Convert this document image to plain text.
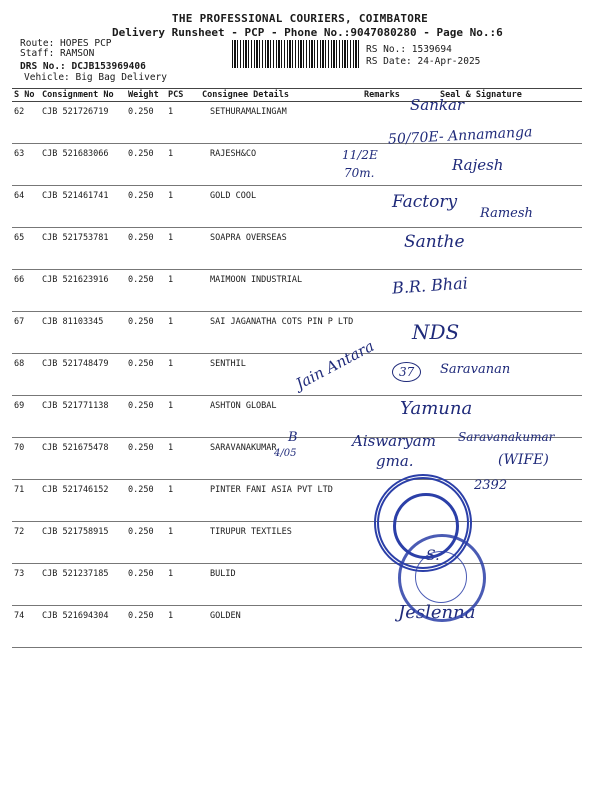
THE PROFESSIONAL COURIERS, COIMBATORE
Delivery Runsheet - PCP - Phone No.:9047080280 - Page No.:6
Route: HOPES PCP
Staff: RAMSON
DRS No.: DCJB153969406
Vehicle: Big Bag Delivery
RS No.: 1539694
RS Date: 24-Apr-2025
S No	Consignment No	Weight	PCS	Consignee Details	Remarks	Seal & Signature
62	CJB 521726719	0.250	1	SETHURAMALINGAM		
63	CJB 521683066	0.250	1	RAJESH&CO		
64	CJB 521461741	0.250	1	GOLD COOL		
65	CJB 521753781	0.250	1	SOAPRA OVERSEAS		
66	CJB 521623916	0.250	1	MAIMOON INDUSTRIAL		
67	CJB 81103345	0.250	1	SAI JAGANATHA COTS PIN P LTD		
68	CJB 521748479	0.250	1	SENTHIL		
69	CJB 521771138	0.250	1	ASHTON GLOBAL		
70	CJB 521675478	0.250	1	SARAVANAKUMAR		
71	CJB 521746152	0.250	1	PINTER FANI ASIA PVT LTD		
72	CJB 521758915	0.250	1	TIRUPUR TEXTILES		
73	CJB 521237185	0.250	1	BULID		
74	CJB 521694304	0.250	1	GOLDEN		
Sankar
50/70E- Annamanga
11/2E
70m.	Rajesh
Factory
Ramesh
Santhe
B.R. Bhai
NDS
Jain Antara	37	Saravanan
Yamuna
B
4/05
Aiswaryam Saravanakumar
gma.	(WIFE)
2392
S.
Jeslenna
